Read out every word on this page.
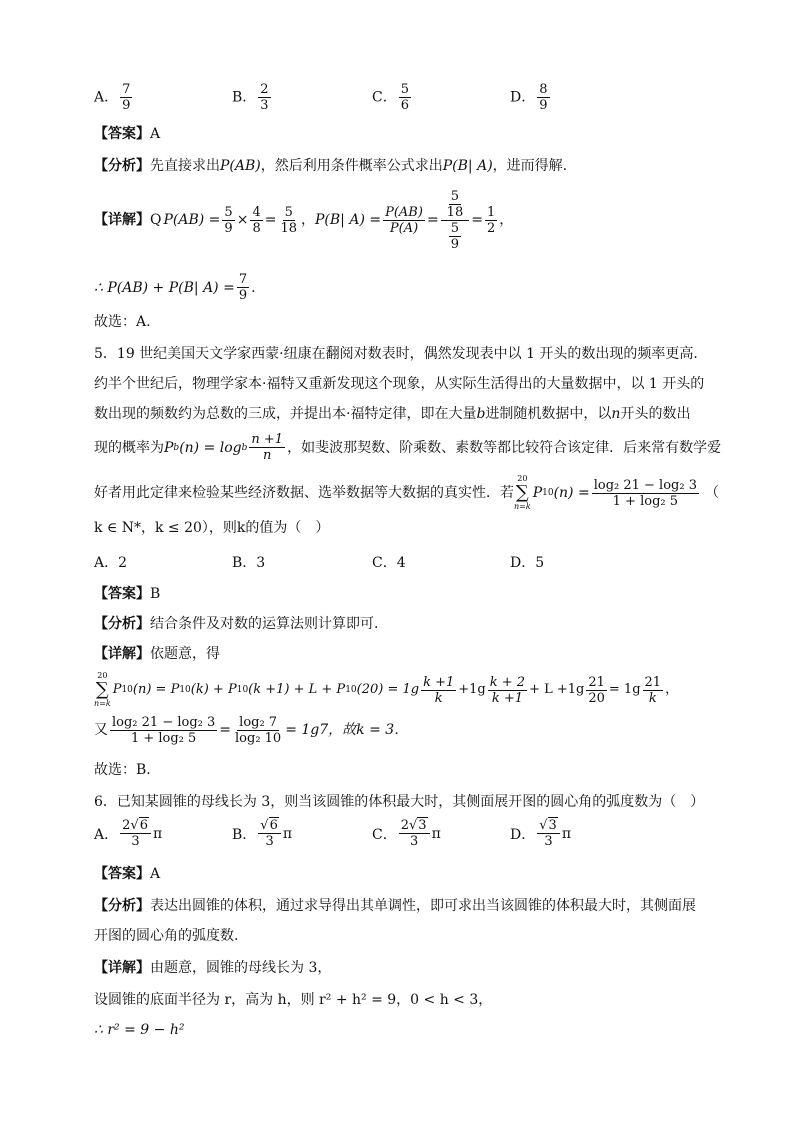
A． $\frac{7}{9}$	B． $\frac{2}{3}$	C． $\frac{5}{6}$	D． $\frac{8}{9}$
【答案】A
【分析】先直接求出P(AB)，然后利用条件概率公式求出P(B| A)，进而得解.
【详解】 Q $P(AB) = \frac{5}{9} \times \frac{4}{8} = \frac{5}{18}$ ， P(B| $A) = \frac{P(AB)}{P(A)} = \frac{\frac{5}{18}}{\frac{5}{9}} = \frac{1}{2}$ ，
∴ P(AB) + P(B| $A) = \frac{7}{9}$ .
故选：A.
5．19 世纪美国天文学家西蒙·纽康在翻阅对数表时，偶然发现表中以 1 开头的数出现的频率更高．
约半个世纪后，物理学家本·福特又重新发现这个现象，从实际生活得出的大量数据中，以 1 开头的
数出现的频数约为总数的三成，并提出本·福特定律，即在大量b进制随机数据中，以n开头的数出
现的概率为 P b (n) = log b $\frac{n +1}{n}$ ，如斐波那契数、阶乘数、素数等都比较符合该定律．后来常有数学爱
好者用此定律来检验某些经济数据、选举数据等大数据的真实性．若
20
∑
n=k
P 10 $(n) = \frac{\text{log₂ 21 − log₂ 3}}{\text{1 + log₂ 5}}$ （
k ∈ N*，k ≤ 20），则k的值为（　）
A．2	B．3	C．4	D．5
【答案】B
【分析】结合条件及对数的运算法则计算即可.
【详解】依题意，得
20
∑
n=k
P 10 (n) = P 10 (k) + P 10 (k +1) + L + P 10 $(20) = 1g \frac{k +1}{k} +1g \frac{k + 2}{k +1} + L +1g \frac{21}{20} = 1g \frac{21}{k}$ ，
又 $\frac{\text{log₂ 21 − log₂ 3}}{\text{1 + log₂ 5}} = \frac{\text{log₂ 7}}{\text{log₂ 10}} = 1g7$，故k = 3．
故选：B．
6．已知某圆锥的母线长为 3，则当该圆锥的体积最大时，其侧面展开图的圆心角的弧度数为（　）
A． $\frac{2√6}{3}$ π	B． $\frac{√6}{3}$ π	C． $\frac{2√3}{3}$ π	D． $\frac{√3}{3}$ π
【答案】A
【分析】表达出圆锥的体积，通过求导得出其单调性，即可求出当该圆锥的体积最大时，其侧面展
开图的圆心角的弧度数.
【详解】由题意，圆锥的母线长为 3，
设圆锥的底面半径为 r，高为 h，则 r² + h² = 9，0 < h < 3，
∴ r² = 9 − h²
